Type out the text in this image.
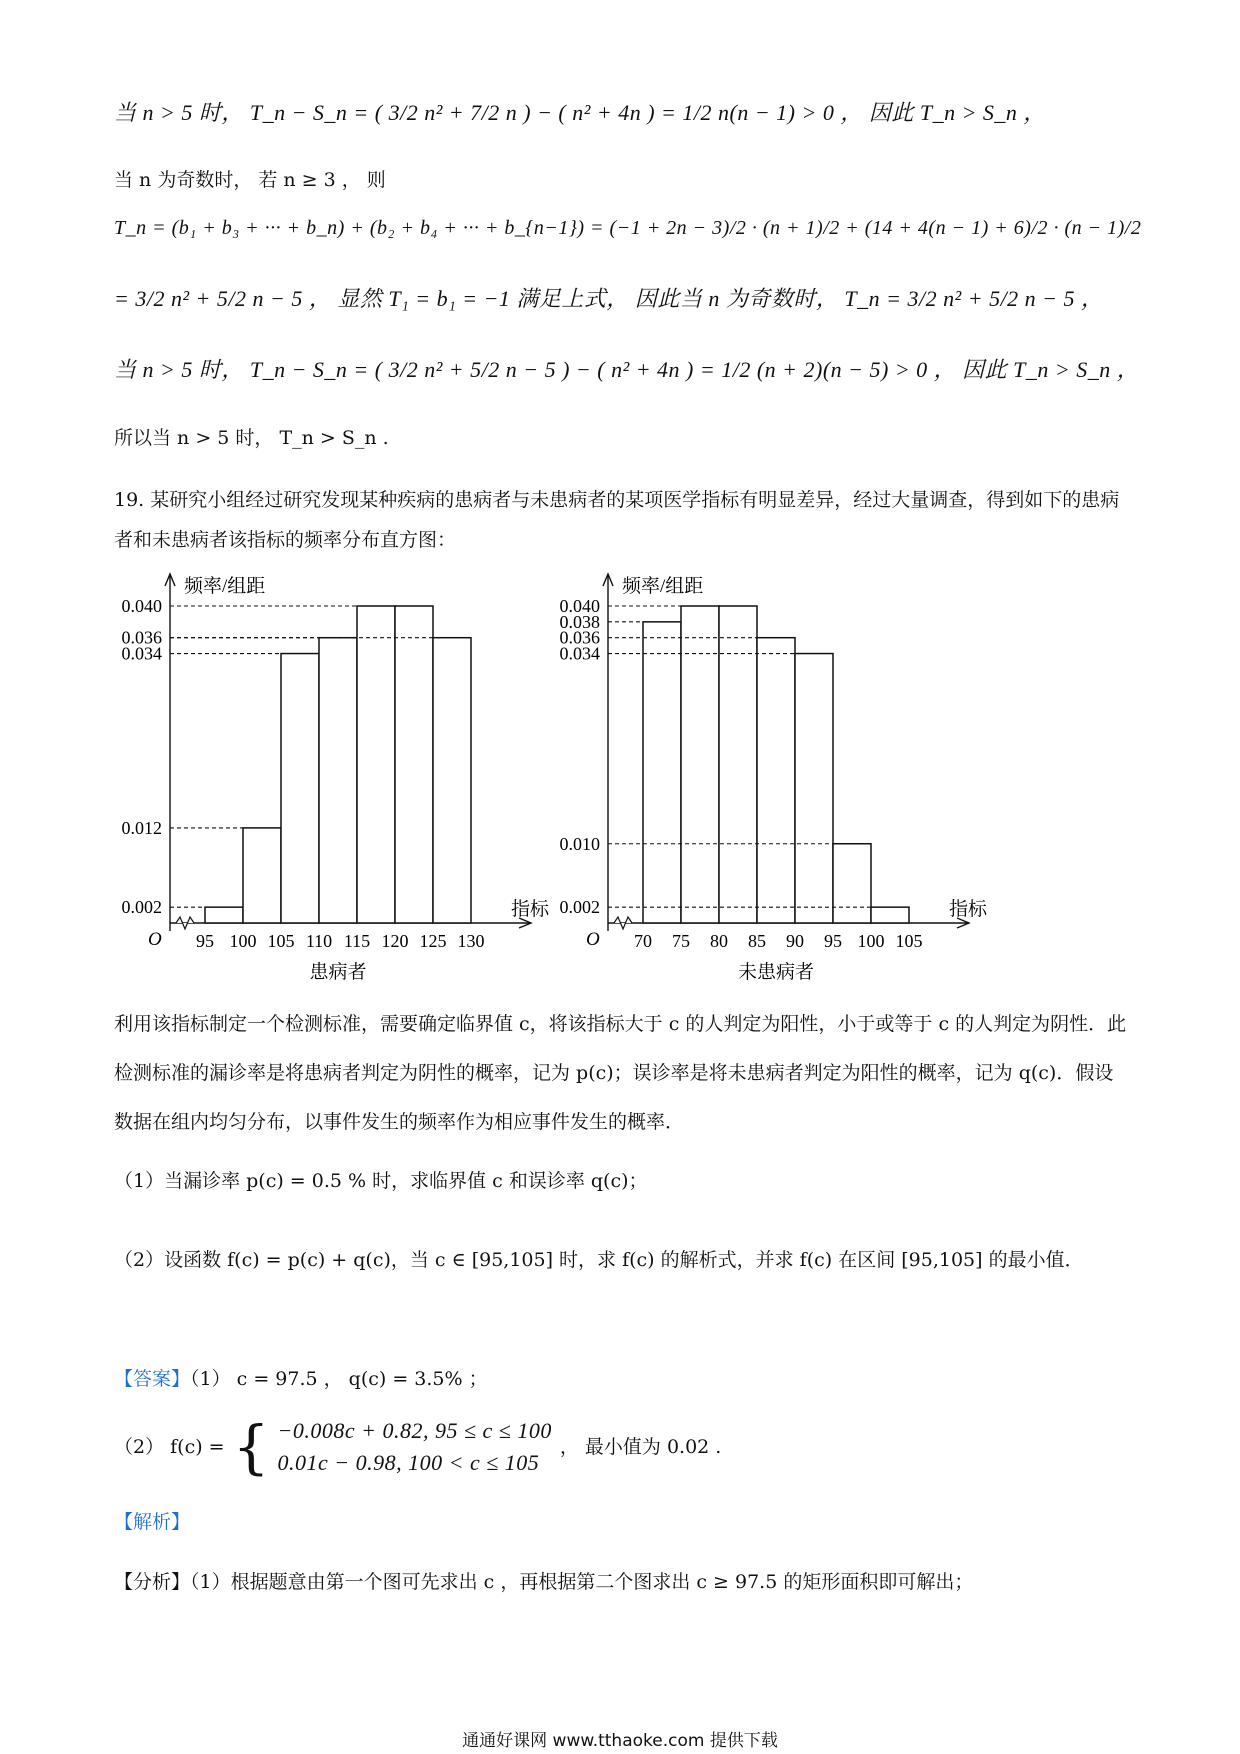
当 n > 5 时， T_n − S_n = ( 3/2 n² + 7/2 n ) − ( n² + 4n ) = 1/2 n(n − 1) > 0 ， 因此 T_n > S_n ，
当 n 为奇数时， 若 n ≥ 3 ， 则
T_n = (b₁ + b₃ + ··· + b_n) + (b₂ + b₄ + ··· + b_{n−1}) = (−1 + 2n − 3)/2 · (n + 1)/2 + (14 + 4(n − 1) + 6)/2 · (n − 1)/2
= 3/2 n² + 5/2 n − 5 ， 显然 T₁ = b₁ = −1 满足上式， 因此当 n 为奇数时， T_n = 3/2 n² + 5/2 n − 5 ，
当 n > 5 时， T_n − S_n = ( 3/2 n² + 5/2 n − 5 ) − ( n² + 4n ) = 1/2 (n + 2)(n − 5) > 0 ， 因此 T_n > S_n ，
所以当 n > 5 时， T_n > S_n .
19. 某研究小组经过研究发现某种疾病的患病者与未患病者的某项医学指标有明显差异，经过大量调查，得到如下的患病者和未患病者该指标的频率分布直方图：
频率/组距
指标
O
0.040
0.036
0.034
0.012
0.002
95 100 105 110 115 120 125 130
患病者
频率/组距
指标
O
0.040
0.038
0.036
0.034
0.010
0.002
70 75 80 85 90 95 100 105
未患病者
利用该指标制定一个检测标准，需要确定临界值 c，将该指标大于 c 的人判定为阳性，小于或等于 c 的人判定为阴性．此检测标准的漏诊率是将患病者判定为阴性的概率，记为 p(c)；误诊率是将未患病者判定为阳性的概率，记为 q(c)．假设数据在组内均匀分布，以事件发生的频率作为相应事件发生的概率．
（1）当漏诊率 p(c) = 0.5 % 时，求临界值 c 和误诊率 q(c)；
（2）设函数 f(c) = p(c) + q(c)，当 c ∈ [95,105] 时，求 f(c) 的解析式，并求 f(c) 在区间 [95,105] 的最小值．
【答案】（1） c = 97.5 ， q(c) = 3.5% ；
（2） f(c) = { −0.008c + 0.82, 95 ≤ c ≤ 100
0.01c − 0.98, 100 < c ≤ 105
， 最小值为 0.02 .
【解析】
【分析】（1）根据题意由第一个图可先求出 c ，再根据第二个图求出 c ≥ 97.5 的矩形面积即可解出；
通通好课网 www.tthaoke.com 提供下载
